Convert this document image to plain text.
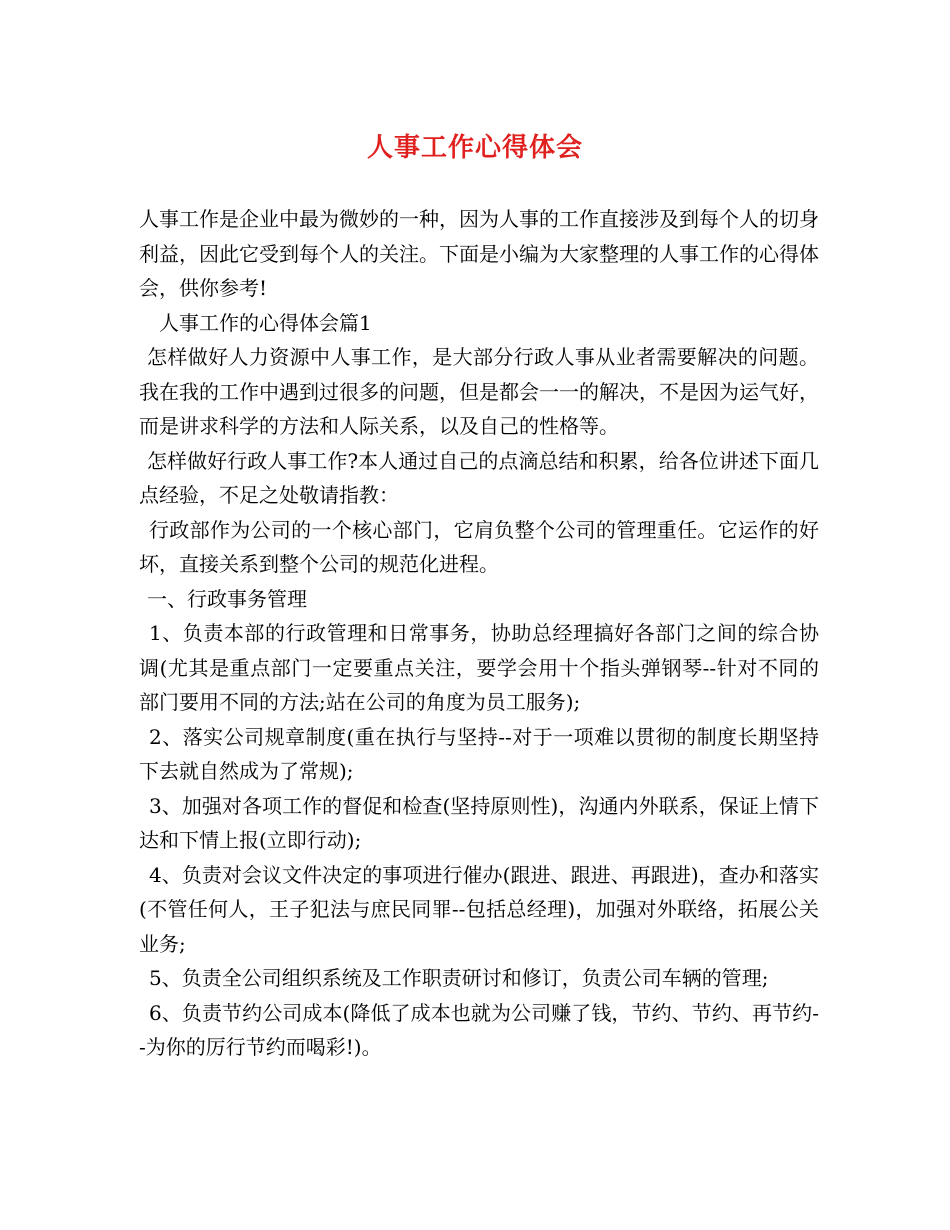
人事工作心得体会

人事工作是企业中最为微妙的一种，因为人事的工作直接涉及到每个人的切身利益，因此它受到每个人的关注。下面是小编为大家整理的人事工作的心得体会，供你参考!

人事工作的心得体会篇1

怎样做好人力资源中人事工作，是大部分行政人事从业者需要解决的问题。我在我的工作中遇到过很多的问题，但是都会一一的解决，不是因为运气好，而是讲求科学的方法和人际关系，以及自己的性格等。

怎样做好行政人事工作?本人通过自己的点滴总结和积累，给各位讲述下面几点经验，不足之处敬请指教：

行政部作为公司的一个核心部门，它肩负整个公司的管理重任。它运作的好坏，直接关系到整个公司的规范化进程。

一、行政事务管理

1、负责本部的行政管理和日常事务，协助总经理搞好各部门之间的综合协调(尤其是重点部门一定要重点关注，要学会用十个指头弹钢琴--针对不同的部门要用不同的方法;站在公司的角度为员工服务);

2、落实公司规章制度(重在执行与坚持--对于一项难以贯彻的制度长期坚持下去就自然成为了常规);

3、加强对各项工作的督促和检查(坚持原则性)，沟通内外联系，保证上情下达和下情上报(立即行动);

4、负责对会议文件决定的事项进行催办(跟进、跟进、再跟进)，查办和落实(不管任何人，王子犯法与庶民同罪--包括总经理)，加强对外联络，拓展公关业务;

5、负责全公司组织系统及工作职责研讨和修订，负责公司车辆的管理;

6、负责节约公司成本(降低了成本也就为公司赚了钱，节约、节约、再节约--为你的厉行节约而喝彩!)。
